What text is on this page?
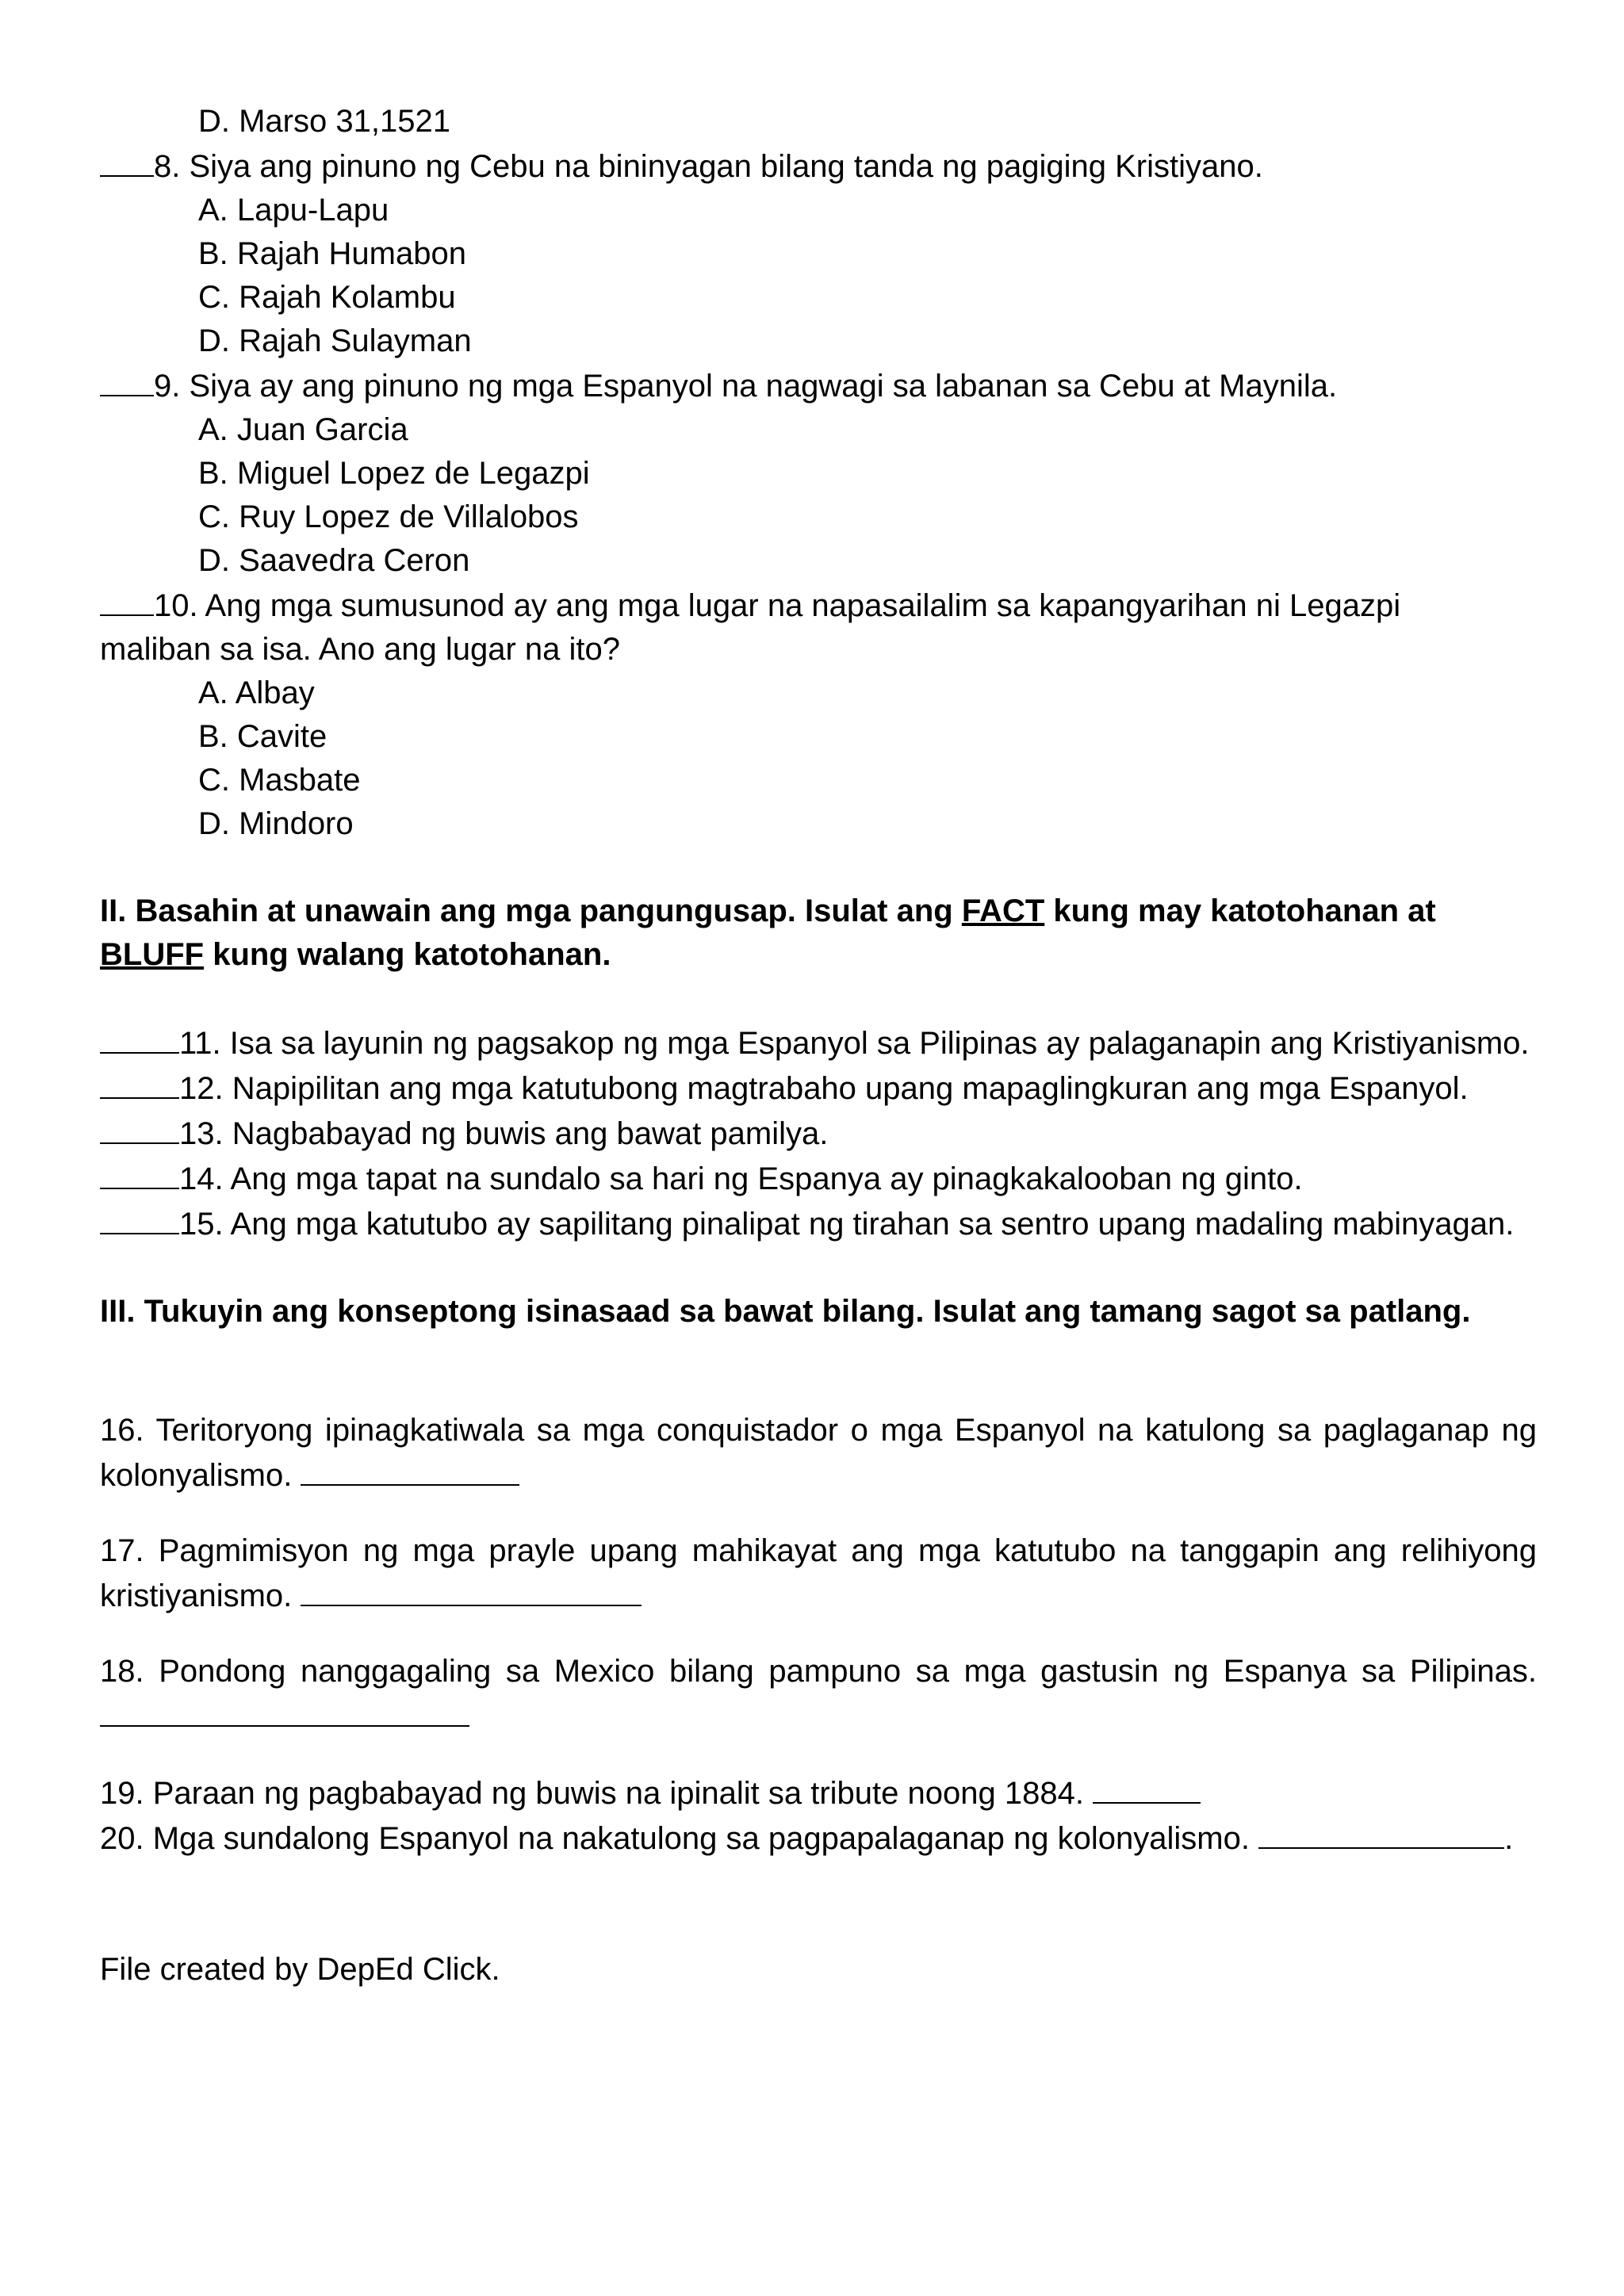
D. Marso 31,1521

8. Siya ang pinuno ng Cebu na bininyagan bilang tanda ng pagiging Kristiyano.

A. Lapu-Lapu

B. Rajah Humabon

C. Rajah Kolambu

D. Rajah Sulayman

9. Siya ay ang pinuno ng mga Espanyol na nagwagi sa labanan sa Cebu at Maynila.

A. Juan Garcia

B. Miguel Lopez de Legazpi

C. Ruy Lopez de Villalobos

D. Saavedra Ceron

10. Ang mga sumusunod ay ang mga lugar na napasailalim sa kapangyarihan ni Legazpi

maliban sa isa. Ano ang lugar na ito?

A. Albay

B. Cavite

C. Masbate

D. Mindoro

II. Basahin at unawain ang mga pangungusap. Isulat ang FACT kung may katotohanan at

BLUFF kung walang katotohanan.

11. Isa sa layunin ng pagsakop ng mga Espanyol sa Pilipinas ay palaganapin ang Kristiyanismo.

12. Napipilitan ang mga katutubong magtrabaho upang mapaglingkuran ang mga Espanyol.

13. Nagbabayad ng buwis ang bawat pamilya.

14. Ang mga tapat na sundalo sa hari ng Espanya ay pinagkakalooban ng ginto.

15. Ang mga katutubo ay sapilitang pinalipat ng tirahan sa sentro upang madaling mabinyagan.

III. Tukuyin ang konseptong isinasaad sa bawat bilang. Isulat ang tamang sagot sa patlang.

16. Teritoryong ipinagkatiwala sa mga conquistador o mga Espanyol na katulong sa paglaganap ng kolonyalismo.

17. Pagmimisyon ng mga prayle upang mahikayat ang mga katutubo na tanggapin ang relihiyong kristiyanismo.

18. Pondong nanggagaling sa Mexico bilang pampuno sa mga gastusin ng Espanya sa Pilipinas.

19. Paraan ng pagbabayad ng buwis na ipinalit sa tribute noong 1884.

20. Mga sundalong Espanyol na nakatulong sa pagpapalaganap ng kolonyalismo.	.

File created by DepEd Click.
